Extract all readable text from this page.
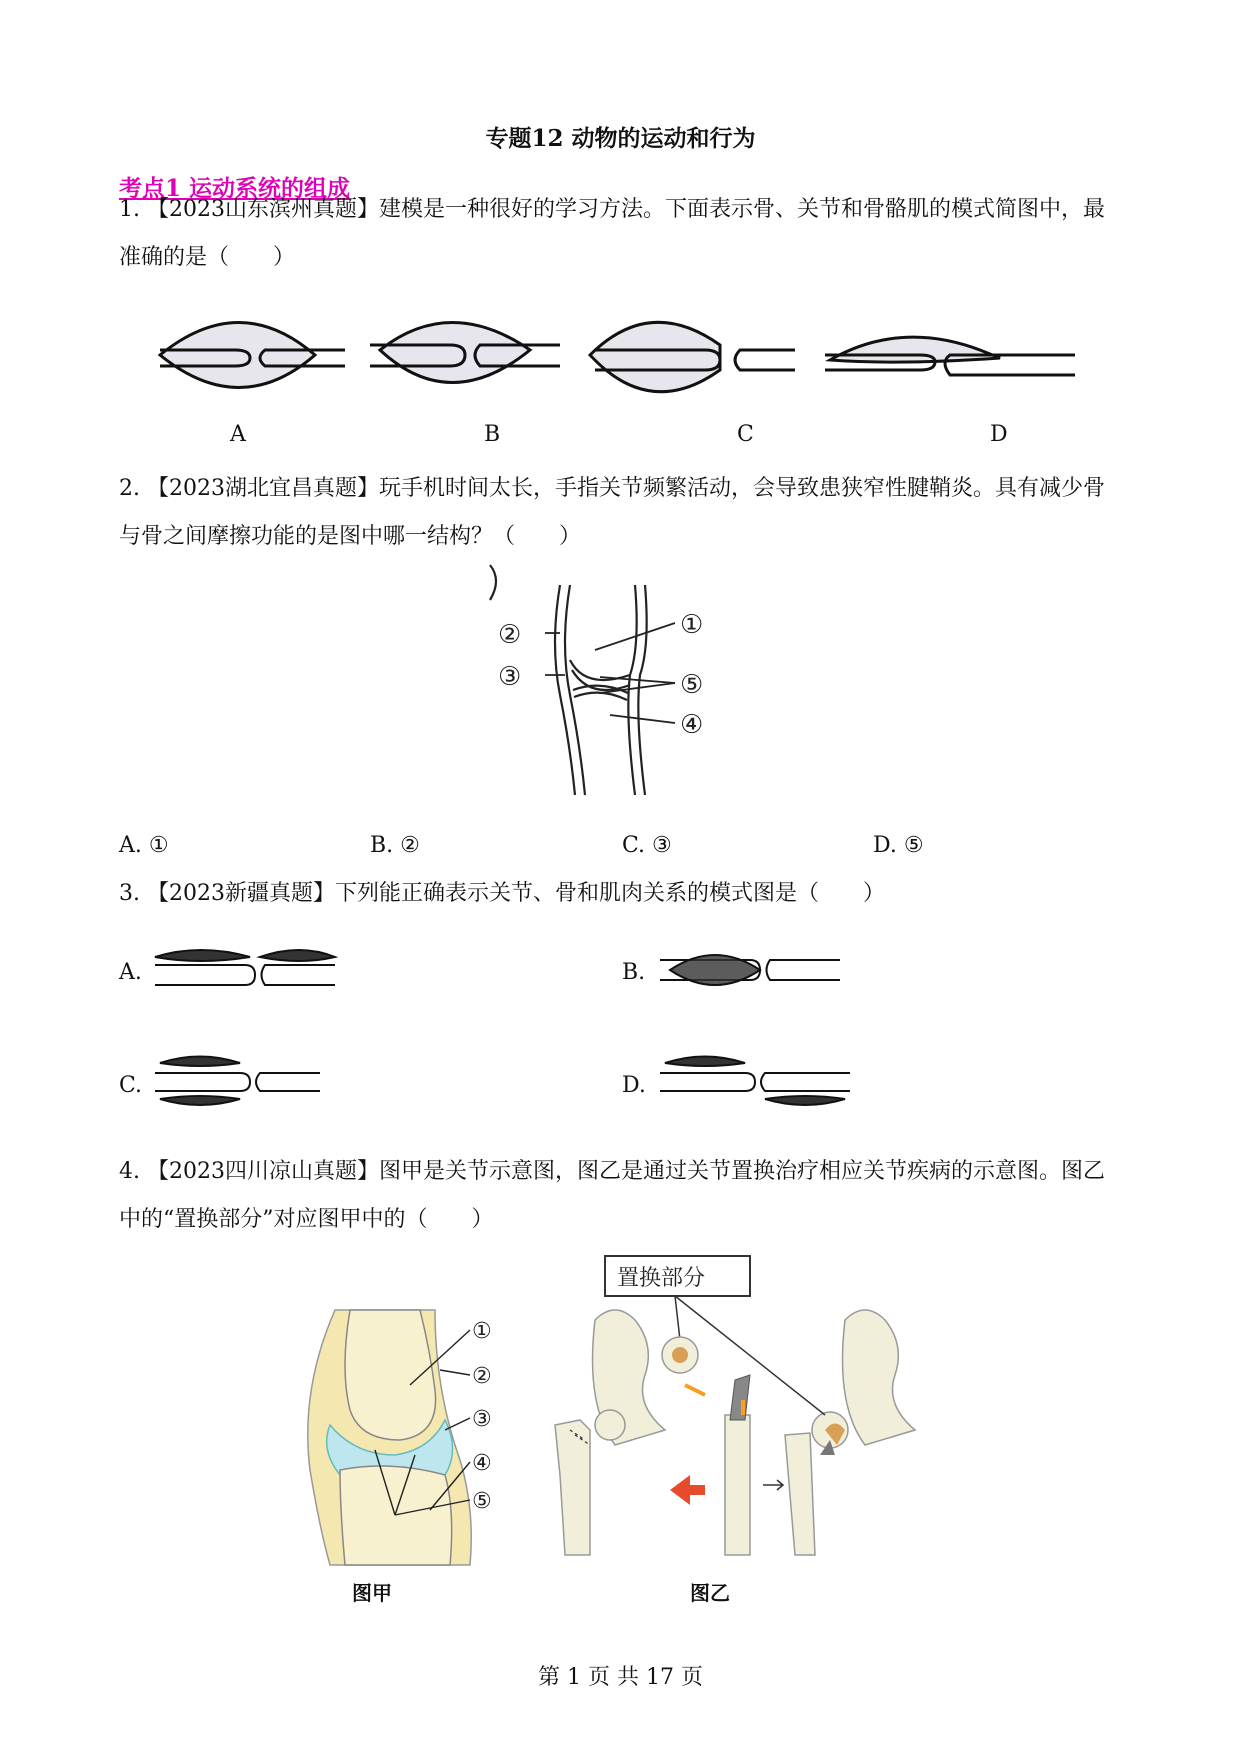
专题12 动物的运动和行为
考点1 运动系统的组成
1. 【2023山东滨州真题】建模是一种很好的学习方法。下面表示骨、关节和骨骼肌的模式简图中，最准确的是（　　）
A	B	C	D
2. 【2023湖北宜昌真题】玩手机时间太长，手指关节频繁活动，会导致患狭窄性腱鞘炎。具有减少骨与骨之间摩擦功能的是图中哪一结构？（　　）
①
②
③
④
⑤
A. ①	B. ②	C. ③	D. ⑤
3. 【2023新疆真题】下列能正确表示关节、骨和肌肉关系的模式图是（　　）
A.	B.
C.	D.
4. 【2023四川凉山真题】图甲是关节示意图，图乙是通过关节置换治疗相应关节疾病的示意图。图乙中的“置换部分”对应图甲中的（　　）
①
②
③
④
⑤
图甲
置换部分
图乙
第 1 页 共 17 页
